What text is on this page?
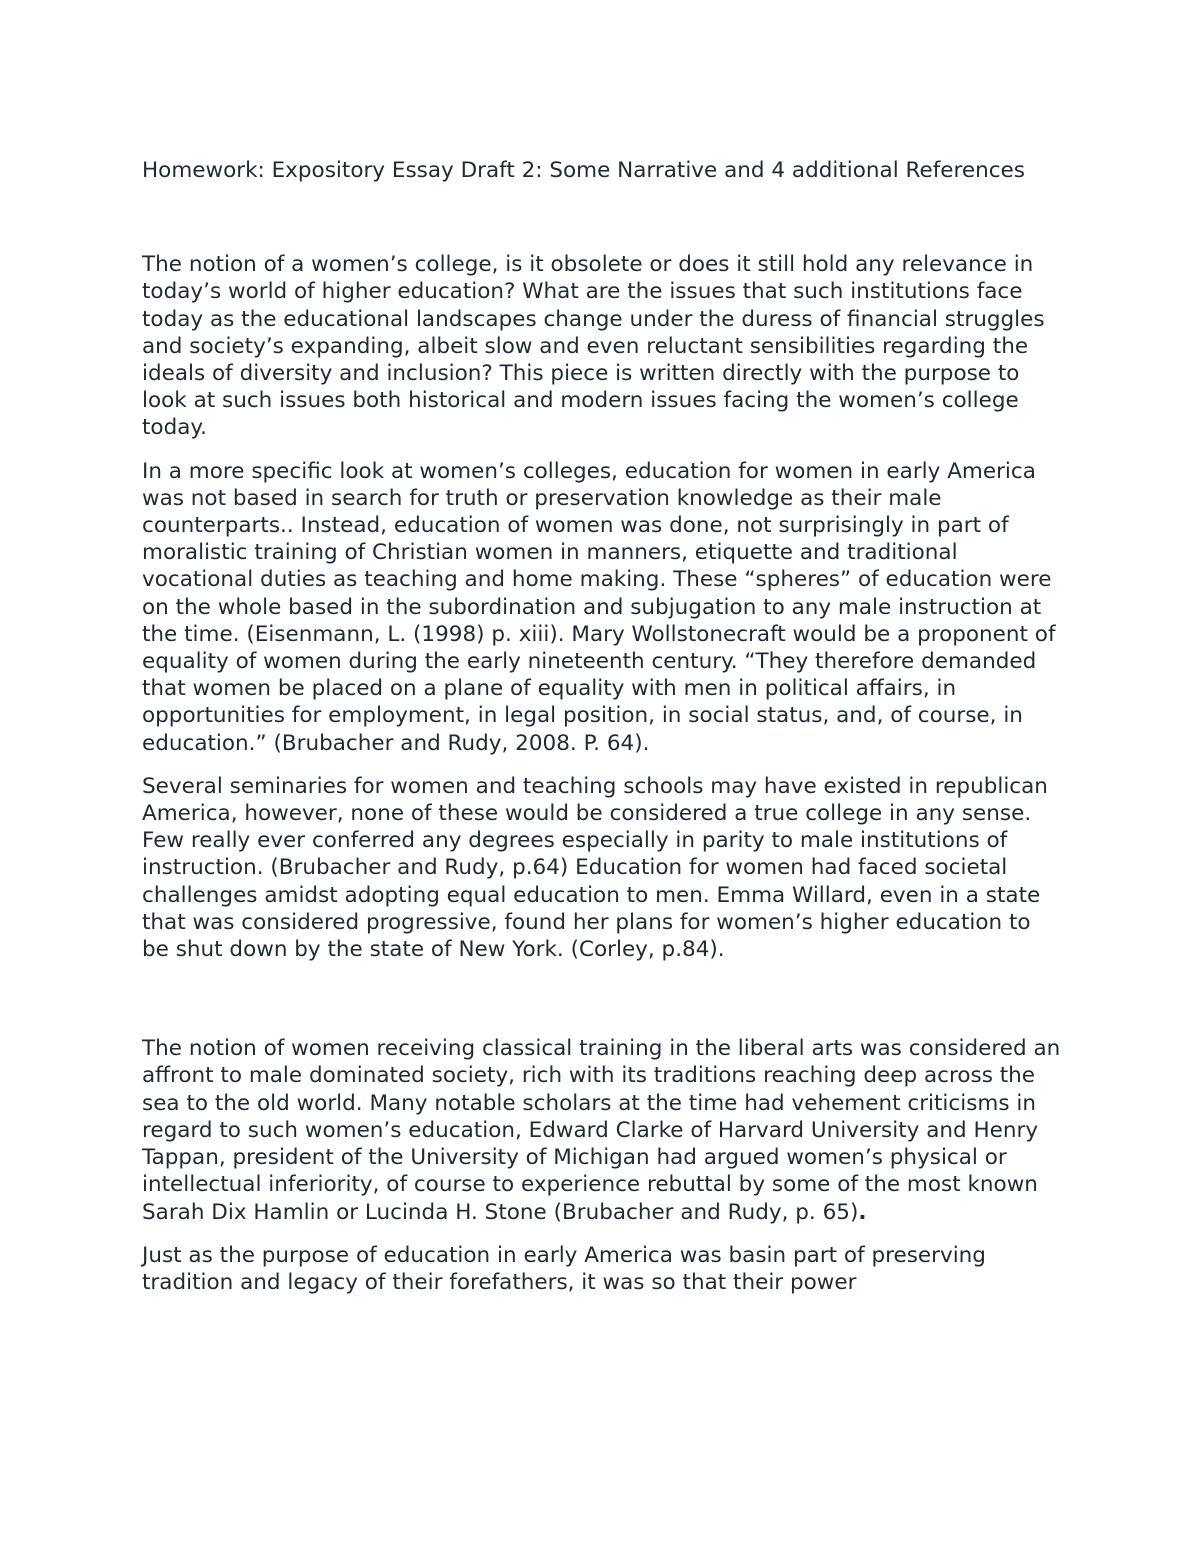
Homework: Expository Essay Draft 2: Some Narrative and 4 additional References

The notion of a women’s college, is it obsolete or does it still hold any relevance in today’s world of higher education? What are the issues that such institutions face today as the educational landscapes change under the duress of financial struggles and society’s expanding, albeit slow and even reluctant sensibilities regarding the ideals of diversity and inclusion? This piece is written directly with the purpose to look at such issues both historical and modern issues facing the women’s college today.

In a more specific look at women’s colleges, education for women in early America was not based in search for truth or preservation knowledge as their male counterparts.. Instead, education of women was done, not surprisingly in part of moralistic training of Christian women in manners, etiquette and traditional vocational duties as teaching and home making. These “spheres” of education were on the whole based in the subordination and subjugation to any male instruction at the time. (Eisenmann, L. (1998) p. xiii). Mary Wollstonecraft would be a proponent of equality of women during the early nineteenth century. “They therefore demanded that women be placed on a plane of equality with men in political affairs, in opportunities for employment, in legal position, in social status, and, of course, in education.” (Brubacher and Rudy, 2008. P. 64).

Several seminaries for women and teaching schools may have existed in republican America, however, none of these would be considered a true college in any sense. Few really ever conferred any degrees especially in parity to male institutions of instruction. (Brubacher and Rudy, p.64) Education for women had faced societal challenges amidst adopting equal education to men. Emma Willard, even in a state that was considered progressive, found her plans for women’s higher education to be shut down by the state of New York. (Corley, p.84).

The notion of women receiving classical training in the liberal arts was considered an affront to male dominated society, rich with its traditions reaching deep across the sea to the old world. Many notable scholars at the time had vehement criticisms in regard to such women’s education, Edward Clarke of Harvard University and Henry Tappan, president of the University of Michigan had argued women’s physical or intellectual inferiority, of course to experience rebuttal by some of the most known Sarah Dix Hamlin or Lucinda H. Stone (Brubacher and Rudy, p. 65).

Just as the purpose of education in early America was basin part of preserving tradition and legacy of their forefathers, it was so that their power
